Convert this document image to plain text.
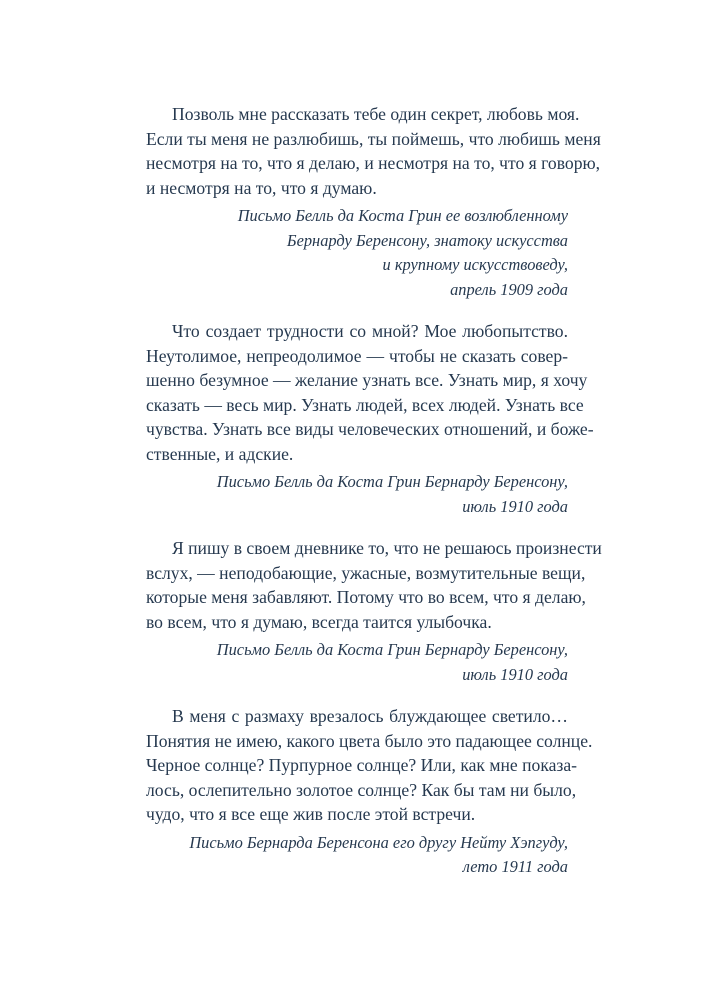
Позволь мне рассказать тебе один секрет, любовь моя.
Если ты меня не разлюбишь, ты поймешь, что любишь меня
несмотря на то, что я делаю, и несмотря на то, что я говорю,
и несмотря на то, что я думаю.

Письмо Белль да Коста Грин ее возлюбленному
Бернарду Беренсону, знатоку искусства
и крупному искусствоведу,
апрель 1909 года

Что создает трудности со мной? Мое любопытство.
Неутолимое, непреодолимое — чтобы не сказать совер-
шенно безумное — желание узнать все. Узнать мир, я хочу
сказать — весь мир. Узнать людей, всех людей. Узнать все
чувства. Узнать все виды человеческих отношений, и боже-
ственные, и адские.

Письмо Белль да Коста Грин Бернарду Беренсону,
июль 1910 года

Я пишу в своем дневнике то, что не решаюсь произнести
вслух, — неподобающие, ужасные, возмутительные вещи,
которые меня забавляют. Потому что во всем, что я делаю,
во всем, что я думаю, всегда таится улыбочка.

Письмо Белль да Коста Грин Бернарду Беренсону,
июль 1910 года

В меня с размаху врезалось блуждающее светило…
Понятия не имею, какого цвета было это падающее солнце.
Черное солнце? Пурпурное солнце? Или, как мне показа-
лось, ослепительно золотое солнце? Как бы там ни было,
чудо, что я все еще жив после этой встречи.

Письмо Бернарда Беренсона его другу Нейту Хэпгуду,
лето 1911 года
